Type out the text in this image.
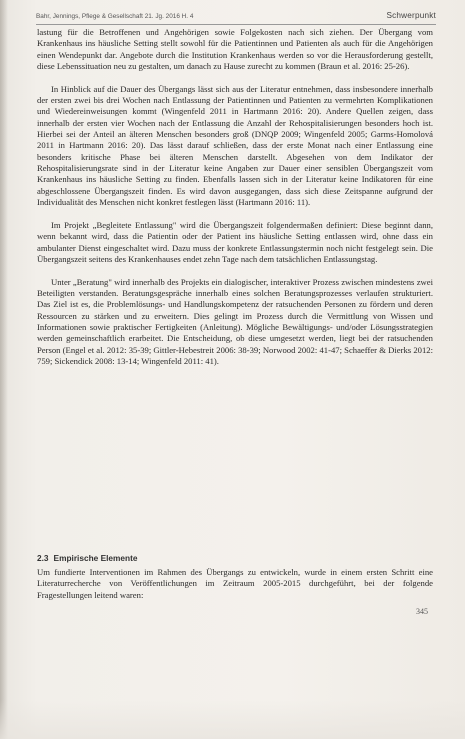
Bahr, Jennings, Pflege & Gesellschaft 21. Jg. 2016 H. 4	Schwerpunkt

lastung für die Betroffenen und Angehörigen sowie Folgekosten nach sich ziehen. Der Übergang vom Krankenhaus ins häusliche Setting stellt sowohl für die Patientinnen und Patienten als auch für die Angehörigen einen Wendepunkt dar. Angebote durch die Institution Krankenhaus werden so vor die Herausforderung gestellt, diese Lebenssituation neu zu gestalten, um danach zu Hause zurecht zu kommen (Braun et al. 2016: 25-26).

In Hinblick auf die Dauer des Übergangs lässt sich aus der Literatur entnehmen, dass insbesondere innerhalb der ersten zwei bis drei Wochen nach Entlassung der Patientinnen und Patienten zu vermehrten Komplikationen und Wiedereinweisungen kommt (Wingenfeld 2011 in Hartmann 2016: 20). Andere Quellen zeigen, dass innerhalb der ersten vier Wochen nach der Entlassung die Anzahl der Rehospitalisierungen besonders hoch ist. Hierbei sei der Anteil an älteren Menschen besonders groß (DNQP 2009; Wingenfeld 2005; Garms-Homolová 2011 in Hartmann 2016: 20). Das lässt darauf schließen, dass der erste Monat nach einer Entlassung eine besonders kritische Phase bei älteren Menschen darstellt. Abgesehen von dem Indikator der Rehospitalisierungsrate sind in der Literatur keine Angaben zur Dauer einer sensiblen Übergangszeit vom Krankenhaus ins häusliche Setting zu finden. Ebenfalls lassen sich in der Literatur keine Indikatoren für eine abgeschlossene Übergangszeit finden. Es wird davon ausgegangen, dass sich diese Zeitspanne aufgrund der Individualität des Menschen nicht konkret festlegen lässt (Hartmann 2016: 11).

Im Projekt „Begleitete Entlassung" wird die Übergangszeit folgendermaßen definiert: Diese beginnt dann, wenn bekannt wird, dass die Patientin oder der Patient ins häusliche Setting entlassen wird, ohne dass ein ambulanter Dienst eingeschaltet wird. Dazu muss der konkrete Entlassungstermin noch nicht festgelegt sein. Die Übergangszeit seitens des Krankenhauses endet zehn Tage nach dem tatsächlichen Entlassungstag.

Unter „Beratung" wird innerhalb des Projekts ein dialogischer, interaktiver Prozess zwischen mindestens zwei Beteiligten verstanden. Beratungsgespräche innerhalb eines solchen Beratungsprozesses verlaufen strukturiert. Das Ziel ist es, die Problemlösungs- und Handlungskompetenz der ratsuchenden Personen zu fördern und deren Ressourcen zu stärken und zu erweitern. Dies gelingt im Prozess durch die Vermittlung von Wissen und Informationen sowie praktischer Fertigkeiten (Anleitung). Mögliche Bewältigungs- und/oder Lösungsstrategien werden gemeinschaftlich erarbeitet. Die Entscheidung, ob diese umgesetzt werden, liegt bei der ratsuchenden Person (Engel et al. 2012: 35-39; Gittler-Hebestreit 2006: 38-39; Norwood 2002: 41-47; Schaeffer & Dierks 2012: 759; Sickendick 2008: 13-14; Wingenfeld 2011: 41).

2.3 Empirische Elemente
Um fundierte Interventionen im Rahmen des Übergangs zu entwickeln, wurde in einem ersten Schritt eine Literaturrecherche von Veröffentlichungen im Zeitraum 2005-2015 durchgeführt, bei der folgende Fragestellungen leitend waren:
345
